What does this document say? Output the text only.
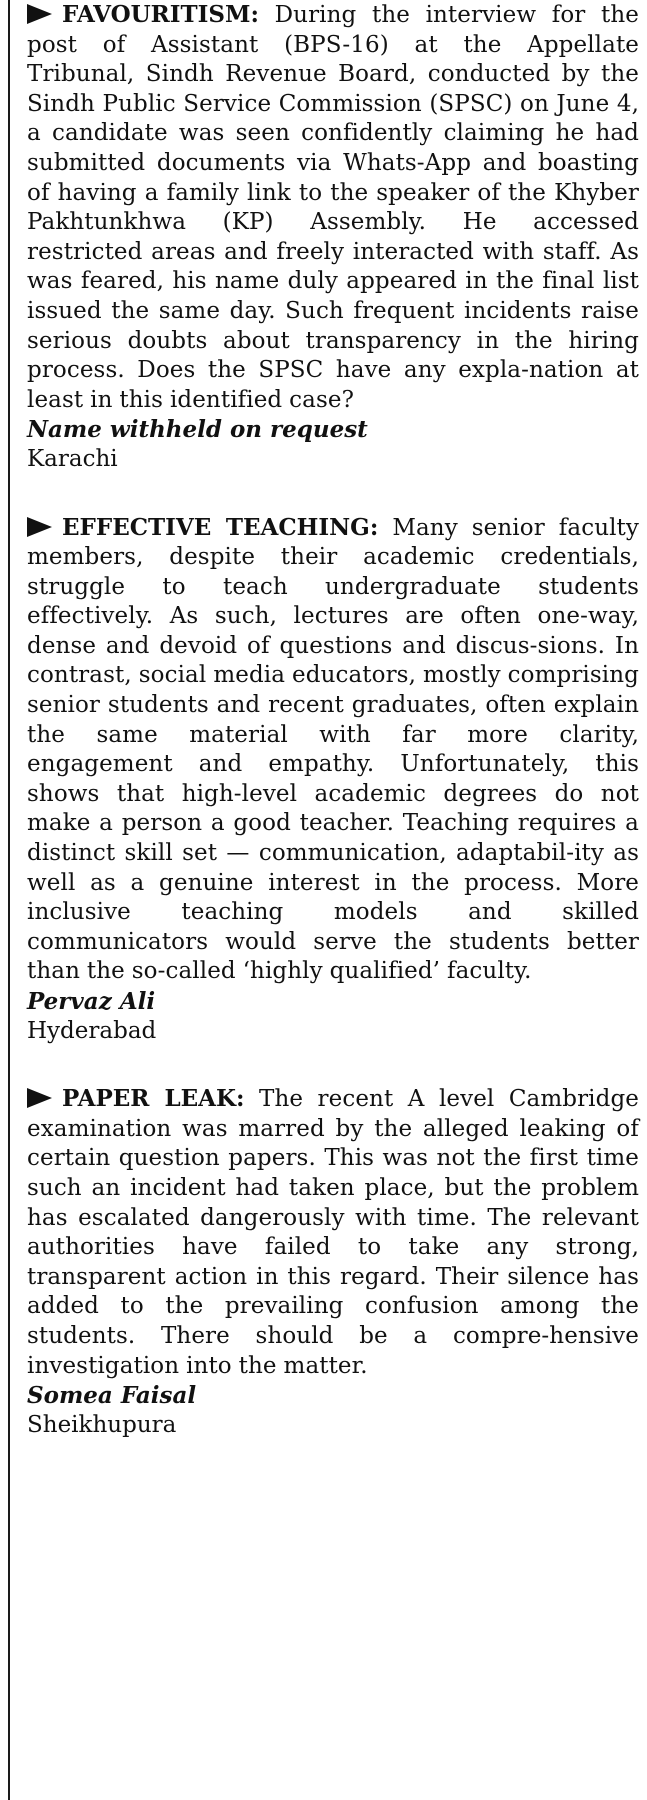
FAVOURITISM: During the interview for the post of Assistant (BPS-16) at the Appellate Tribunal, Sindh Revenue Board, conducted by the Sindh Public Service Commission (SPSC) on June 4, a candidate was seen confidently claiming he had submitted documents via Whats-App and boasting of having a family link to the speaker of the Khyber Pakhtunkhwa (KP) Assembly. He accessed restricted areas and freely interacted with staff. As was feared, his name duly appeared in the final list issued the same day. Such frequent incidents raise serious doubts about transparency in the hiring process. Does the SPSC have any expla-nation at least in this identified case?

Name withheld on request
Karachi

EFFECTIVE TEACHING: Many senior faculty members, despite their academic credentials, struggle to teach undergraduate students effectively. As such, lectures are often one-way, dense and devoid of questions and discus-sions. In contrast, social media educators, mostly comprising senior students and recent graduates, often explain the same material with far more clarity, engagement and empathy. Unfortunately, this shows that high-level academic degrees do not make a person a good teacher. Teaching requires a distinct skill set — communication, adaptabil-ity as well as a genuine interest in the process. More inclusive teaching models and skilled communicators would serve the students better than the so-called ‘highly qualified’ faculty.

Pervaz Ali
Hyderabad

PAPER LEAK: The recent A level Cambridge examination was marred by the alleged leaking of certain question papers. This was not the first time such an incident had taken place, but the problem has escalated dangerously with time. The relevant authorities have failed to take any strong, transparent action in this regard. Their silence has added to the prevailing confusion among the students. There should be a compre-hensive investigation into the matter.

Somea Faisal
Sheikhupura
